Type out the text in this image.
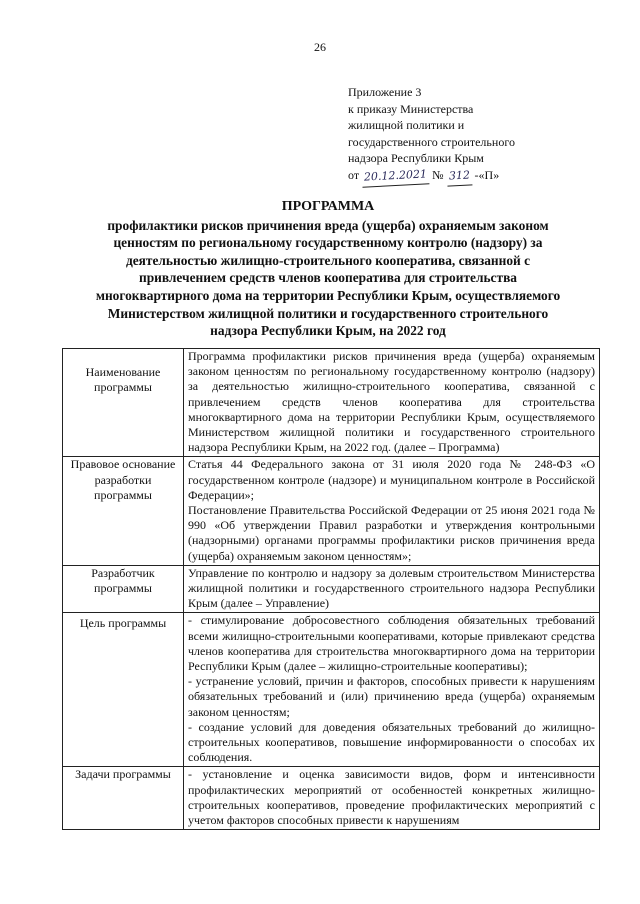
26
Приложение 3
к приказу Министерства
жилищной политики и
государственного строительного
надзора Республики Крым
от 20.12.2021 № 312 -«П»
ПРОГРАММА
профилактики рисков причинения вреда (ущерба) охраняемым законом
ценностям по региональному государственному контролю (надзору) за
деятельностью жилищно-строительного кооператива, связанной с
привлечением средств членов кооператива для строительства
многоквартирного дома на территории Республики Крым, осуществляемого
Министерством жилищной политики и государственного строительного
надзора Республики Крым, на 2022 год
Наименование программы	Программа профилактики рисков причинения вреда (ущерба) охраняемым законом ценностям по региональному государственному контролю (надзору) за деятельностью жилищно-строительного кооператива, связанной с привлечением средств членов кооператива для строительства многоквартирного дома на территории Республики Крым, осуществляемого Министерством жилищной политики и государственного строительного надзора Республики Крым, на 2022 год. (далее – Программа)

Правовое основание разработки программы	Статья 44 Федерального закона от 31 июля 2020 года № 248-ФЗ «О государственном контроле (надзоре) и муниципальном контроле в Российской Федерации»;

Постановление Правительства Российской Федерации от 25 июня 2021 года № 990 «Об утверждении Правил разработки и утверждения контрольными (надзорными) органами программы профилактики рисков причинения вреда (ущерба) охраняемым законом ценностям»;

Разработчик программы	Управление по контролю и надзору за долевым строительством Министерства жилищной политики и государственного строительного надзора Республики Крым (далее – Управление)

Цель программы	- стимулирование добросовестного соблюдения обязательных требований всеми жилищно-строительными кооперативами, которые привлекают средства членов кооператива для строительства многоквартирного дома на территории Республики Крым (далее – жилищно-строительные кооперативы);

- устранение условий, причин и факторов, способных привести к нарушениям обязательных требований и (или) причинению вреда (ущерба) охраняемым законом ценностям;

- создание условий для доведения обязательных требований до жилищно-строительных кооперативов, повышение информированности о способах их соблюдения.

Задачи программы	- установление и оценка зависимости видов, форм и интенсивности профилактических мероприятий от особенностей конкретных жилищно-строительных кооперативов, проведение профилактических мероприятий с учетом факторов способных привести к нарушениям
